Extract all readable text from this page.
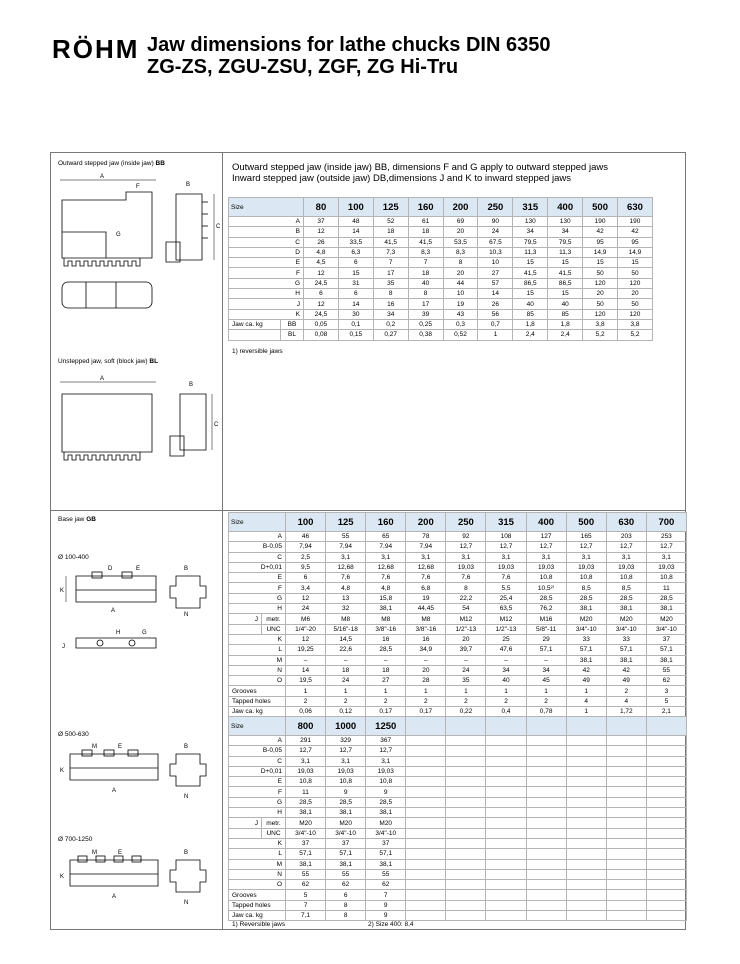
RÖHM Jaw dimensions for lathe chucks DIN 6350
ZG-ZS, ZGU-ZSU, ZGF, ZG Hi-Tru
Outward stepped jaw (inside jaw) BB
Unstepped jaw, soft (block jaw) BL
Base jaw GB
Ø 100-400
Ø 500-630
Ø 700-1250
A
F
G
B
C
A
B
C
D	E
K
A
B
N
H	G
J
M	E
K
A
B
N
M	E
K
A
B
N
Outward stepped jaw (inside jaw) BB, dimensions F and G apply to outward stepped jaws
Inward stepped jaw (outside jaw) DB,dimensions J and K to inward stepped jaws
Size		80	100	125	160	200	250	315	400	500	630
A		37	48	52	61	69	90	130	130	190	190
B		12	14	18	18	20	24	34	34	42	42
C		26	33,5	41,5	41,5	53,5	67,5	79,5	79,5	95	95
D		4,8	6,3	7,3	8,3	8,3	10,3	11,3	11,3	14,9	14,9
E		4,5	6	7	7	8	10	15	15	15	15
F		12	15	17	18	20	27	41,5	41,5	50	50
G		24,5	31	35	40	44	57	86,5	86,5	120	120
H		6	6	8	8	10	14	15	15	20	20
J		12	14	16	17	19	26	40	40	50	50
K		24,5	30	34	39	43	56	85	85	120	120
Jaw ca. kg	BB	0,05	0,1	0,2	0,25	0,3	0,7	1,8	1,8	3,8	3,8
	BL	0,08	0,15	0,27	0,38	0,52	1	2,4	2,4	5,2	5,2
1) reversible jaws
Size		100	125	160	200	250	315	400	500	630	700
A		46	55	65	78	92	108	127	165	203	253
B-0,05		7,94	7,94	7,94	7,94	12,7	12,7	12,7	12,7	12,7	12,7
C		2,5	3,1	3,1	3,1	3,1	3,1	3,1	3,1	3,1	3,1
D+0,01		9,5	12,68	12,68	12,68	19,03	19,03	19,03	19,03	19,03	19,03
E		6	7,6	7,6	7,6	7,6	7,6	10,8	10,8	10,8	10,8
F		3,4	4,8	4,8	6,8	8	5,5	10,5²⁾	8,5	8,5	11
G		12	13	15,8	19	22,2	25,4	28,5	28,5	28,5	28,5
H		24	32	38,1	44,45	54	63,5	76,2	38,1	38,1	38,1
J	metr.	M6	M8	M8	M8	M12	M12	M16	M20	M20	M20
	UNC	1/4"-20	5/16"-18	3/8"-16	3/8"-16	1/2"-13	1/2"-13	5/8"-11	3/4"-10	3/4"-10	3/4"-10
K		12	14,5	16	16	20	25	29	33	33	37
L		19,25	22,6	28,5	34,9	39,7	47,6	57,1	57,1	57,1	57,1
M		–	–	–	–	–	–	–	38,1	38,1	38,1
N		14	18	18	20	24	34	34	42	42	55
O		19,5	24	27	28	35	40	45	49	49	62
Grooves		1	1	1	1	1	1	1	1	2	3
Tapped holes		2	2	2	2	2	2	2	4	4	5
Jaw ca. kg		0,06	0,12	0,17	0,17	0,22	0,4	0,78	1	1,72	2,1
Size		800	1000	1250							
A		291	329	367							
B-0,05		12,7	12,7	12,7							
C		3,1	3,1	3,1							
D+0,01		19,03	19,03	19,03							
E		10,8	10,8	10,8							
F		11	9	9							
G		28,5	28,5	28,5							
H		38,1	38,1	38,1							
J	metr.	M20	M20	M20							
	UNC	3/4"-10	3/4"-10	3/4"-10							
K		37	37	37							
L		57,1	57,1	57,1							
M		38,1	38,1	38,1							
N		55	55	55							
O		62	62	62							
Grooves		5	6	7							
Tapped holes		7	8	9							
Jaw ca. kg		7,1	8	9							
1) Reversible jaws	2) Size 400: 8,4
